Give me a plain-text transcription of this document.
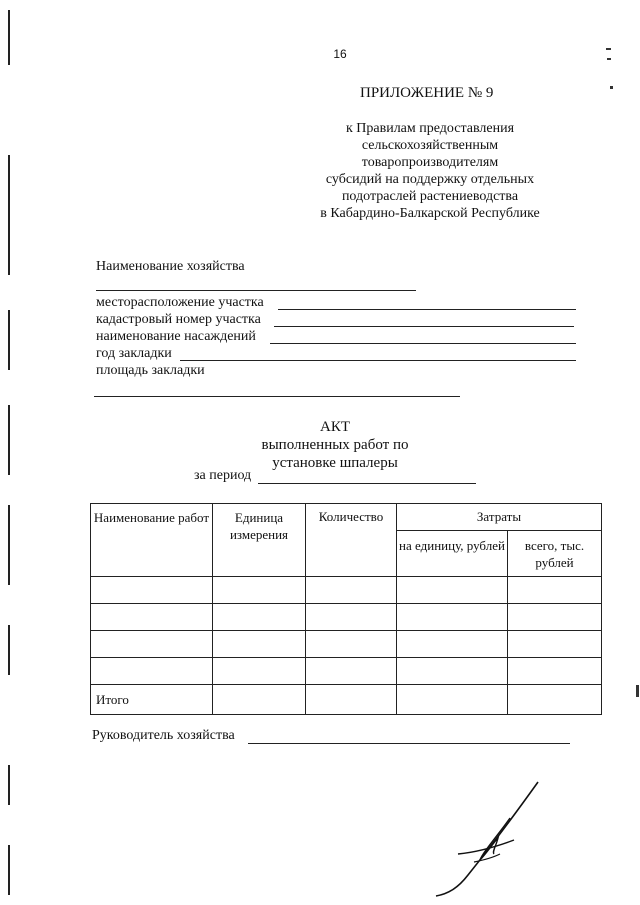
16
ПРИЛОЖЕНИЕ № 9
к Правилам предоставления
сельскохозяйственным
товаропроизводителям
субсидий на поддержку отдельных
подотраслей растениеводства
в Кабардино-Балкарской Республике
Наименование хозяйства
месторасположение участка
кадастровый номер участка
наименование насаждений
год закладки
площадь закладки
АКТ
выполненных работ по
установке шпалеры
за период
Наименование работ	Единица измерения	Количество	Затраты	
			на единицу, рублей	всего, тыс. рублей

Итого				
Руководитель хозяйства
